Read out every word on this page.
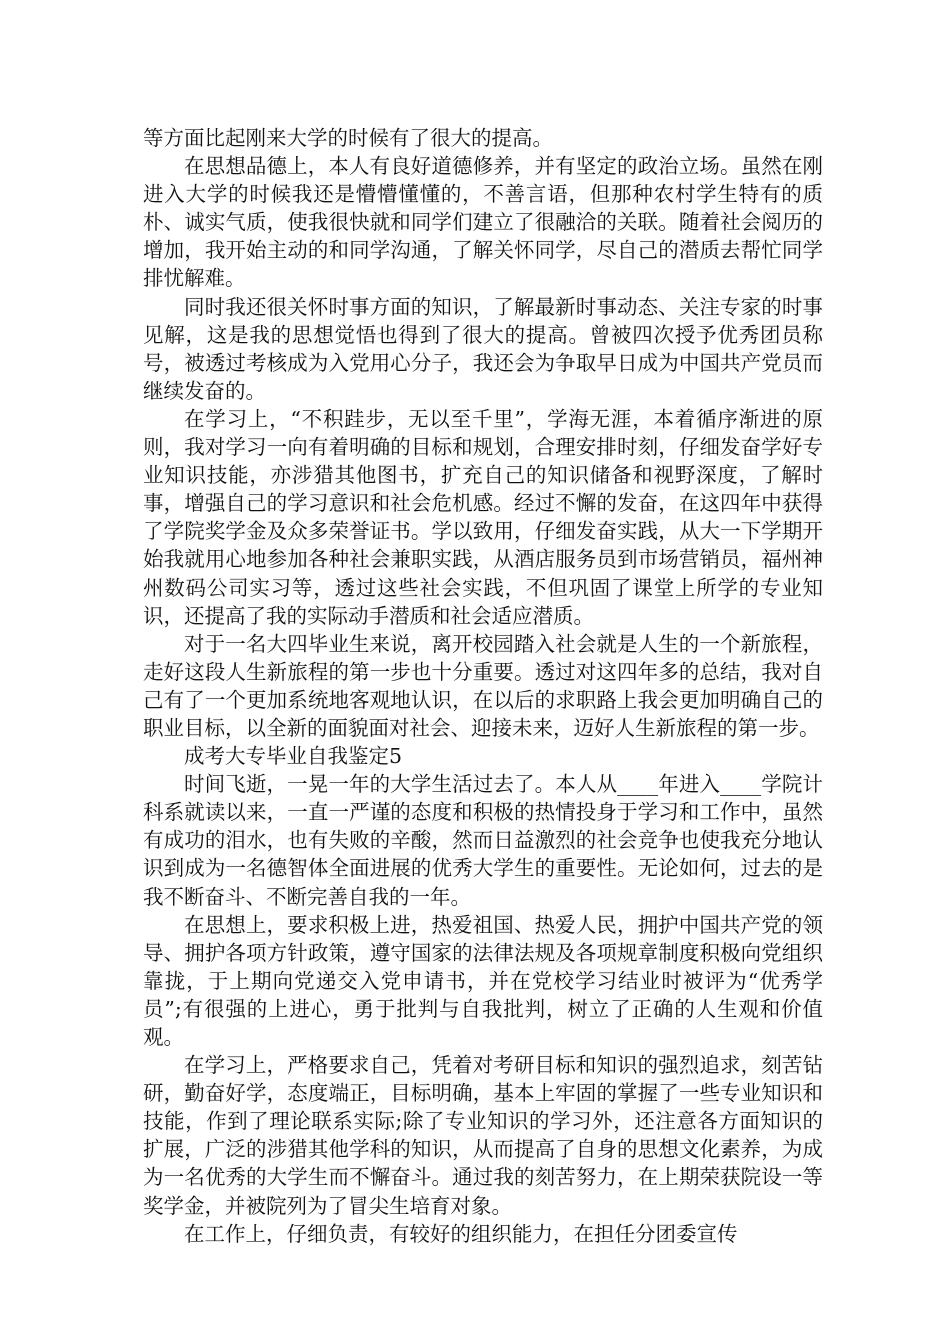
等方面比起刚来大学的时候有了很大的提高。

在思想品德上，本人有良好道德修养，并有坚定的政治立场。虽然在刚进入大学的时候我还是懵懵懂懂的，不善言语，但那种农村学生特有的质朴、诚实气质，使我很快就和同学们建立了很融洽的关联。随着社会阅历的增加，我开始主动的和同学沟通，了解关怀同学，尽自己的潜质去帮忙同学排忧解难。

同时我还很关怀时事方面的知识，了解最新时事动态、关注专家的时事见解，这是我的思想觉悟也得到了很大的提高。曾被四次授予优秀团员称号，被透过考核成为入党用心分子，我还会为争取早日成为中国共产党员而继续发奋的。

在学习上，“不积跬步，无以至千里”，学海无涯，本着循序渐进的原则，我对学习一向有着明确的目标和规划，合理安排时刻，仔细发奋学好专业知识技能，亦涉猎其他图书，扩充自己的知识储备和视野深度，了解时事，增强自己的学习意识和社会危机感。经过不懈的发奋，在这四年中获得了学院奖学金及众多荣誉证书。学以致用，仔细发奋实践，从大一下学期开始我就用心地参加各种社会兼职实践，从酒店服务员到市场营销员，福州神州数码公司实习等，透过这些社会实践，不但巩固了课堂上所学的专业知识，还提高了我的实际动手潜质和社会适应潜质。

对于一名大四毕业生来说，离开校园踏入社会就是人生的一个新旅程，走好这段人生新旅程的第一步也十分重要。透过对这四年多的总结，我对自己有了一个更加系统地客观地认识，在以后的求职路上我会更加明确自己的职业目标，以全新的面貌面对社会、迎接未来，迈好人生新旅程的第一步。

成考大专毕业自我鉴定5

时间飞逝，一晃一年的大学生活过去了。本人从____年进入____学院计科系就读以来，一直一严谨的态度和积极的热情投身于学习和工作中，虽然有成功的泪水，也有失败的辛酸，然而日益激烈的社会竞争也使我充分地认识到成为一名德智体全面进展的优秀大学生的重要性。无论如何，过去的是我不断奋斗、不断完善自我的一年。

在思想上，要求积极上进，热爱祖国、热爱人民，拥护中国共产党的领导、拥护各项方针政策，遵守国家的法律法规及各项规章制度积极向党组织靠拢，于上期向党递交入党申请书，并在党校学习结业时被评为“优秀学员”;有很强的上进心，勇于批判与自我批判，树立了正确的人生观和价值观。

在学习上，严格要求自己，凭着对考研目标和知识的强烈追求，刻苦钻研，勤奋好学，态度端正，目标明确，基本上牢固的掌握了一些专业知识和技能，作到了理论联系实际;除了专业知识的学习外，还注意各方面知识的扩展，广泛的涉猎其他学科的知识，从而提高了自身的思想文化素养，为成为一名优秀的大学生而不懈奋斗。通过我的刻苦努力，在上期荣获院设一等奖学金，并被院列为了冒尖生培育对象。

在工作上，仔细负责，有较好的组织能力，在担任分团委宣传
